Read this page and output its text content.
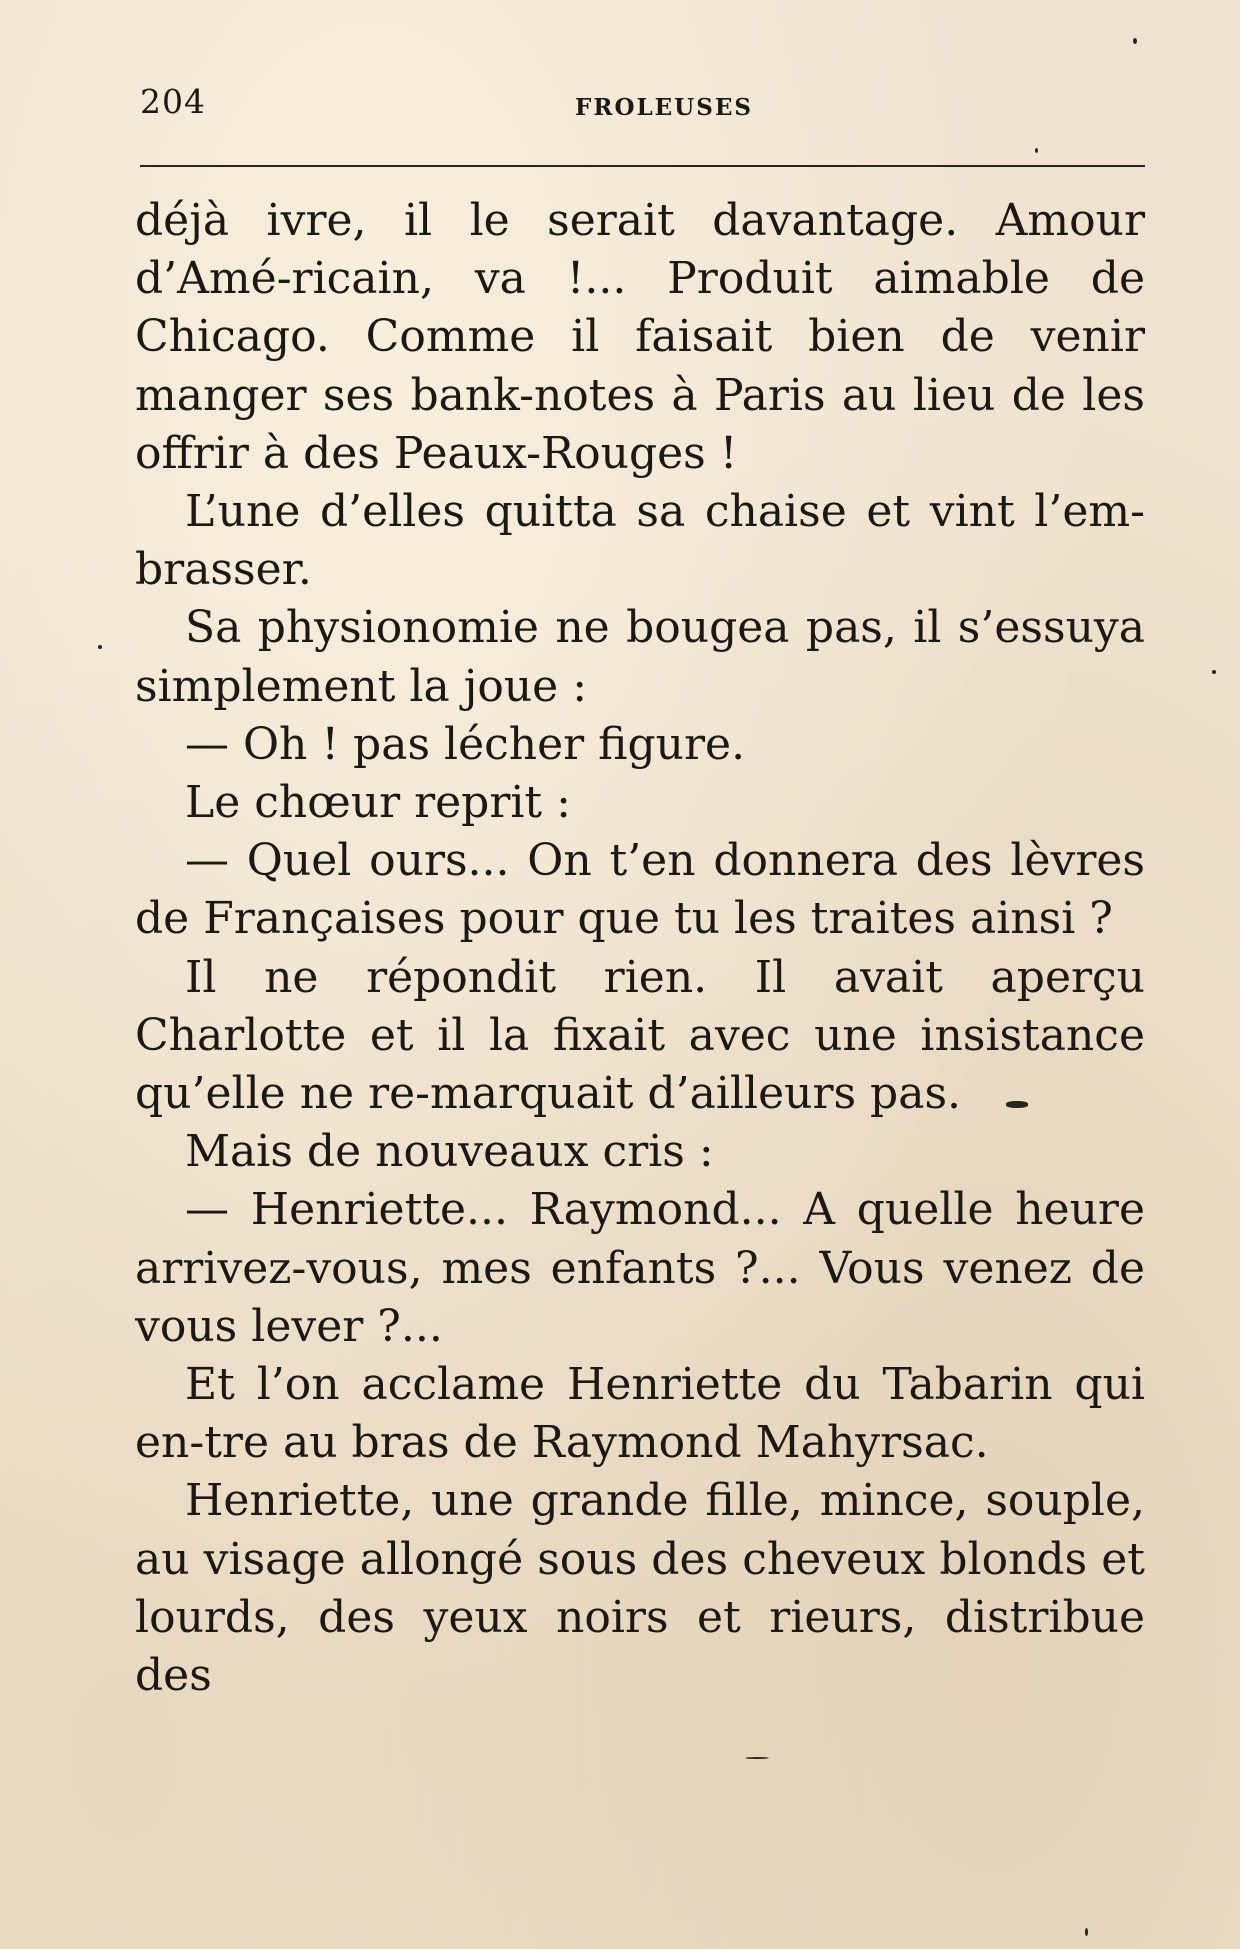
204	FROLEUSES

déjà ivre, il le serait davantage. Amour d’Amé-ricain, va !... Produit aimable de Chicago. Comme il faisait bien de venir manger ses bank-notes à Paris au lieu de les offrir à des Peaux-Rouges !

L’une d’elles quitta sa chaise et vint l’em-brasser.

Sa physionomie ne bougea pas, il s’essuya simplement la joue :

— Oh ! pas lécher figure.

Le chœur reprit :

— Quel ours... On t’en donnera des lèvres de Françaises pour que tu les traites ainsi ?

Il ne répondit rien. Il avait aperçu Charlotte et il la fixait avec une insistance qu’elle ne re-marquait d’ailleurs pas.

Mais de nouveaux cris :

— Henriette... Raymond... A quelle heure arrivez-vous, mes enfants ?... Vous venez de vous lever ?...

Et l’on acclame Henriette du Tabarin qui en-tre au bras de Raymond Mahyrsac.

Henriette, une grande fille, mince, souple, au visage allongé sous des cheveux blonds et lourds, des yeux noirs et rieurs, distribue des
